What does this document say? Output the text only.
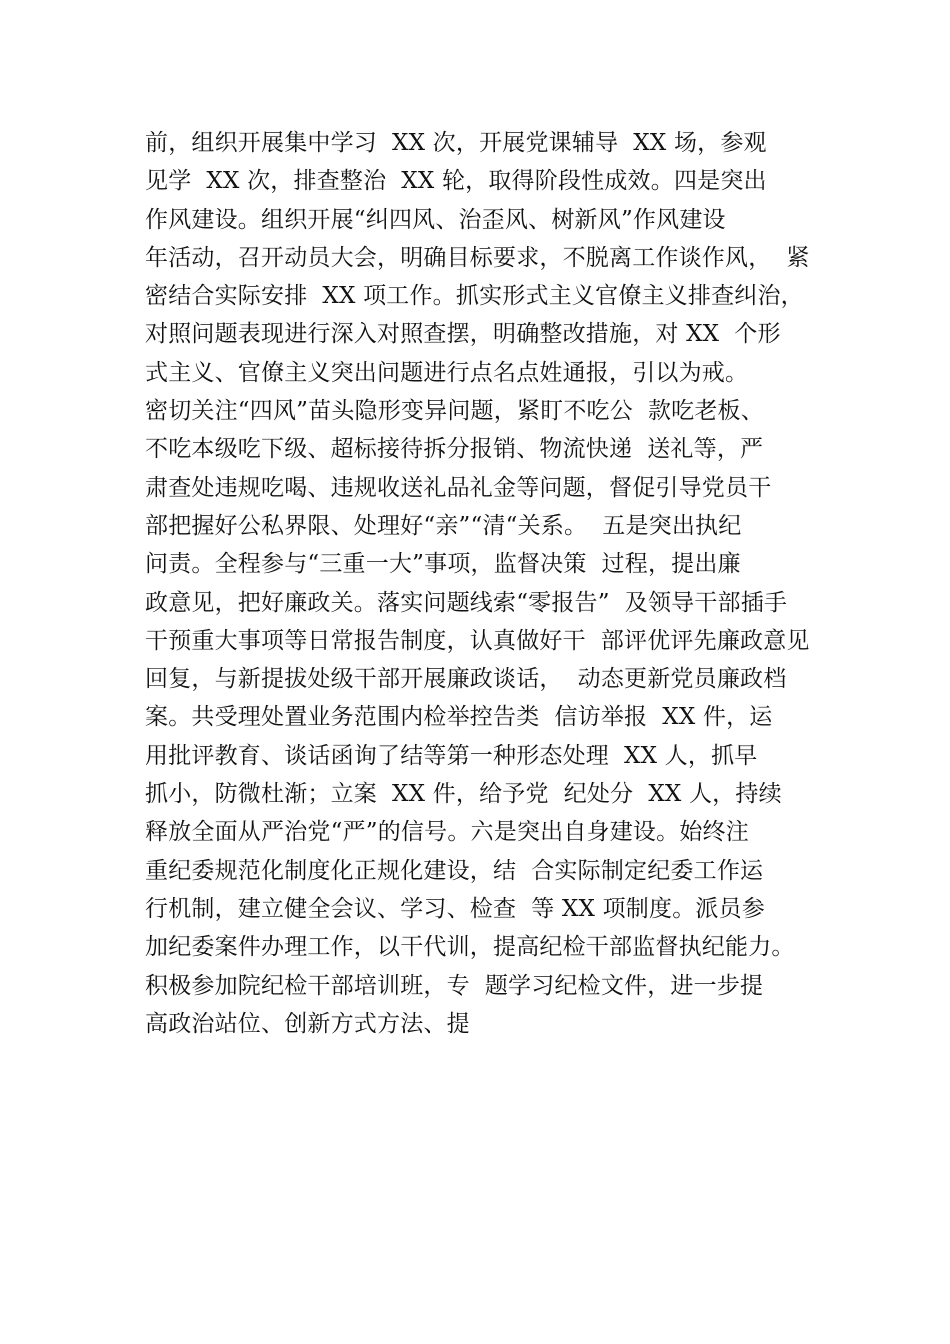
前，组织开展集中学习  XX 次，开展党课辅导  XX 场，参观
见学  XX 次，排查整治  XX 轮，取得阶段性成效。四是突出
作风建设。组织开展“纠四风、治歪风、树新风”作风建设
年活动，召开动员大会，明确目标要求，不脱离工作谈作风，  紧
密结合实际安排  XX 项工作。抓实形式主义官僚主义排查纠治，
对照问题表现进行深入对照查摆，明确整改措施，对 XX  个形
式主义、官僚主义突出问题进行点名点姓通报，引以为戒。
密切关注“四风”苗头隐形变异问题，紧盯不吃公  款吃老板、
不吃本级吃下级、超标接待拆分报销、物流快递  送礼等，严
肃查处违规吃喝、违规收送礼品礼金等问题，督促引导党员干
部把握好公私界限、处理好“亲”“清“关系。  五是突出执纪
问责。全程参与“三重一大”事项，监督决策  过程，提出廉
政意见，把好廉政关。落实问题线索“零报告”  及领导干部插手
干预重大事项等日常报告制度，认真做好干  部评优评先廉政意见
回复，与新提拔处级干部开展廉政谈话，  动态更新党员廉政档
案。共受理处置业务范围内检举控告类  信访举报  XX 件，运
用批评教育、谈话函询了结等第一种形态处理  XX 人，抓早
抓小，防微杜渐；立案  XX 件，给予党  纪处分  XX 人，持续
释放全面从严治党“严”的信号。六是突出自身建设。始终注
重纪委规范化制度化正规化建设，结  合实际制定纪委工作运
行机制，建立健全会议、学习、检查  等 XX 项制度。派员参
加纪委案件办理工作，以干代训，提高纪检干部监督执纪能力。
积极参加院纪检干部培训班，专  题学习纪检文件，进一步提
高政治站位、创新方式方法、提
